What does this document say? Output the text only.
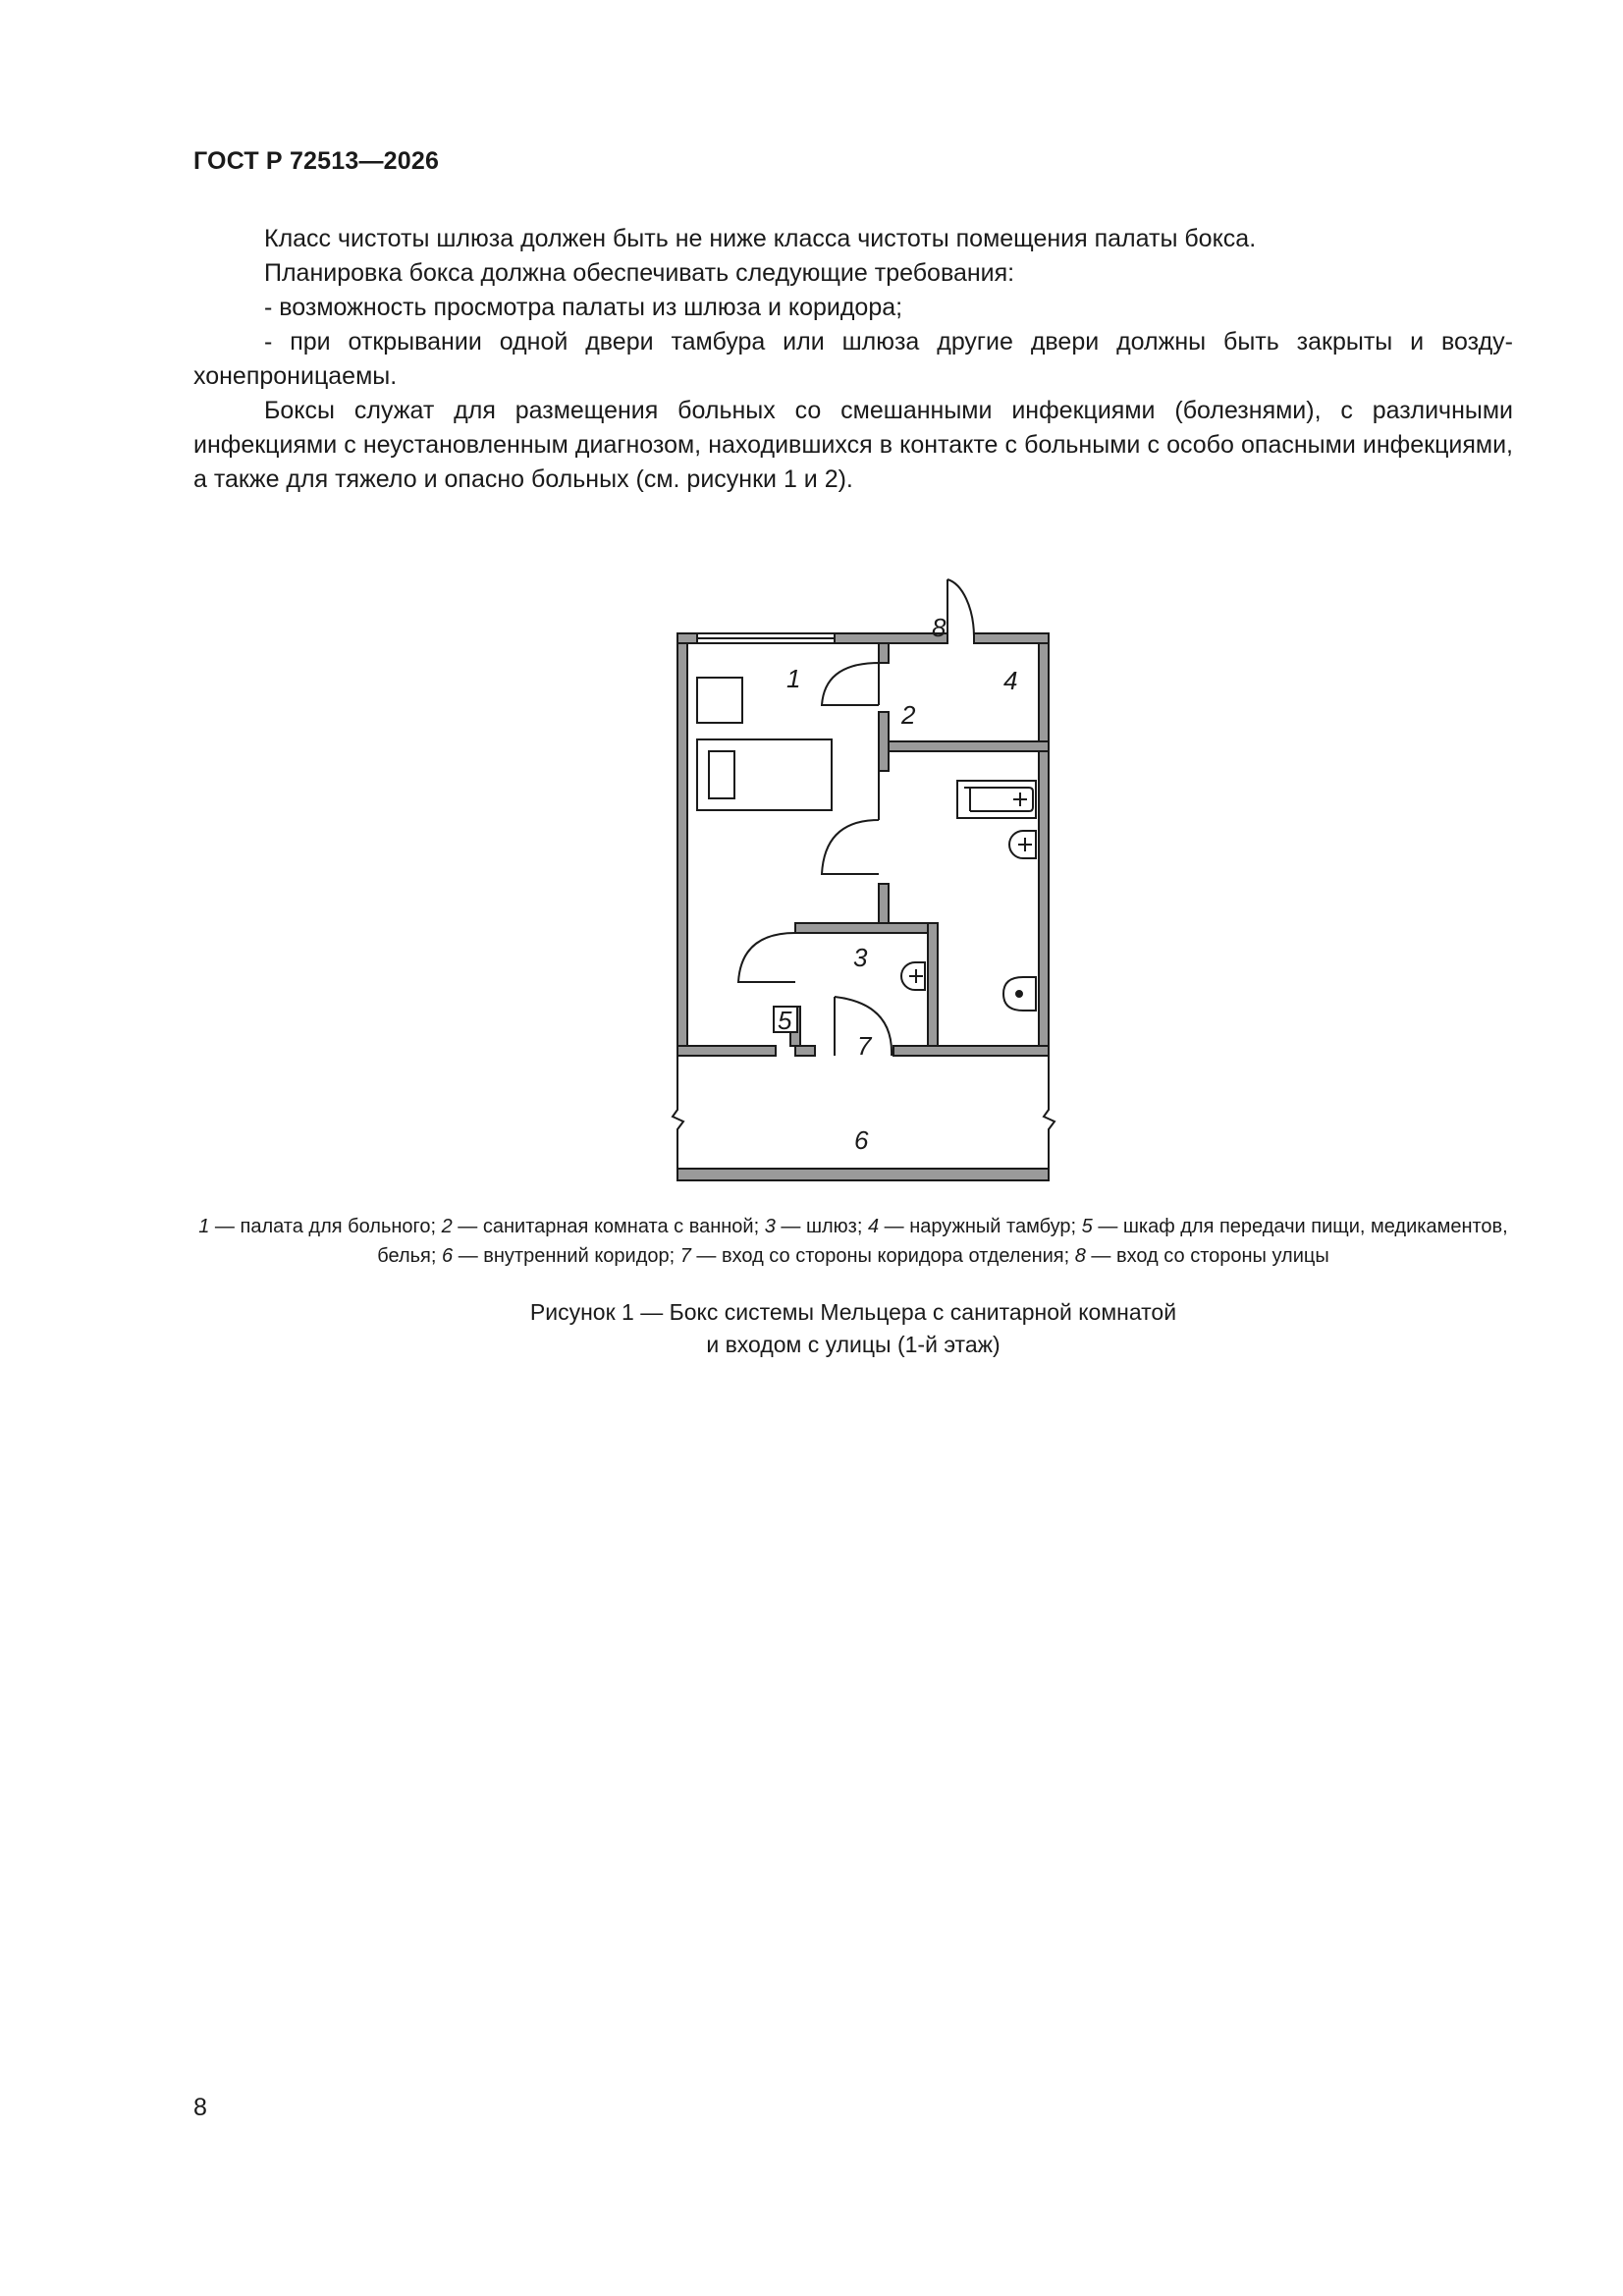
ГОСТ Р 72513—2026

Класс чистоты шлюза должен быть не ниже класса чистоты помещения палаты бокса.

Планировка бокса должна обеспечивать следующие требования:

- возможность просмотра палаты из шлюза и коридора;

- при открывании одной двери тамбура или шлюза другие двери должны быть закрыты и воздухонепроницаемы.

Боксы служат для размещения больных со смешанными инфекциями (болезнями), с различными инфекциями с неустановленным диагнозом, находившихся в контакте с больными с особо опасными инфекциями, а также для тяжело и опасно больных (см. рисунки 1 и 2).

1
2
3
4
5
6
7
8
1 — палата для больного; 2 — санитарная комната с ванной; 3 — шлюз; 4 — наружный тамбур; 5 — шкаф для передачи пищи, медикаментов, белья; 6 — внутренний коридор; 7 — вход со стороны коридора отделения; 8 — вход со стороны улицы
Рисунок 1 — Бокс системы Мельцера с санитарной комнатой
и входом с улицы (1-й этаж)
8
